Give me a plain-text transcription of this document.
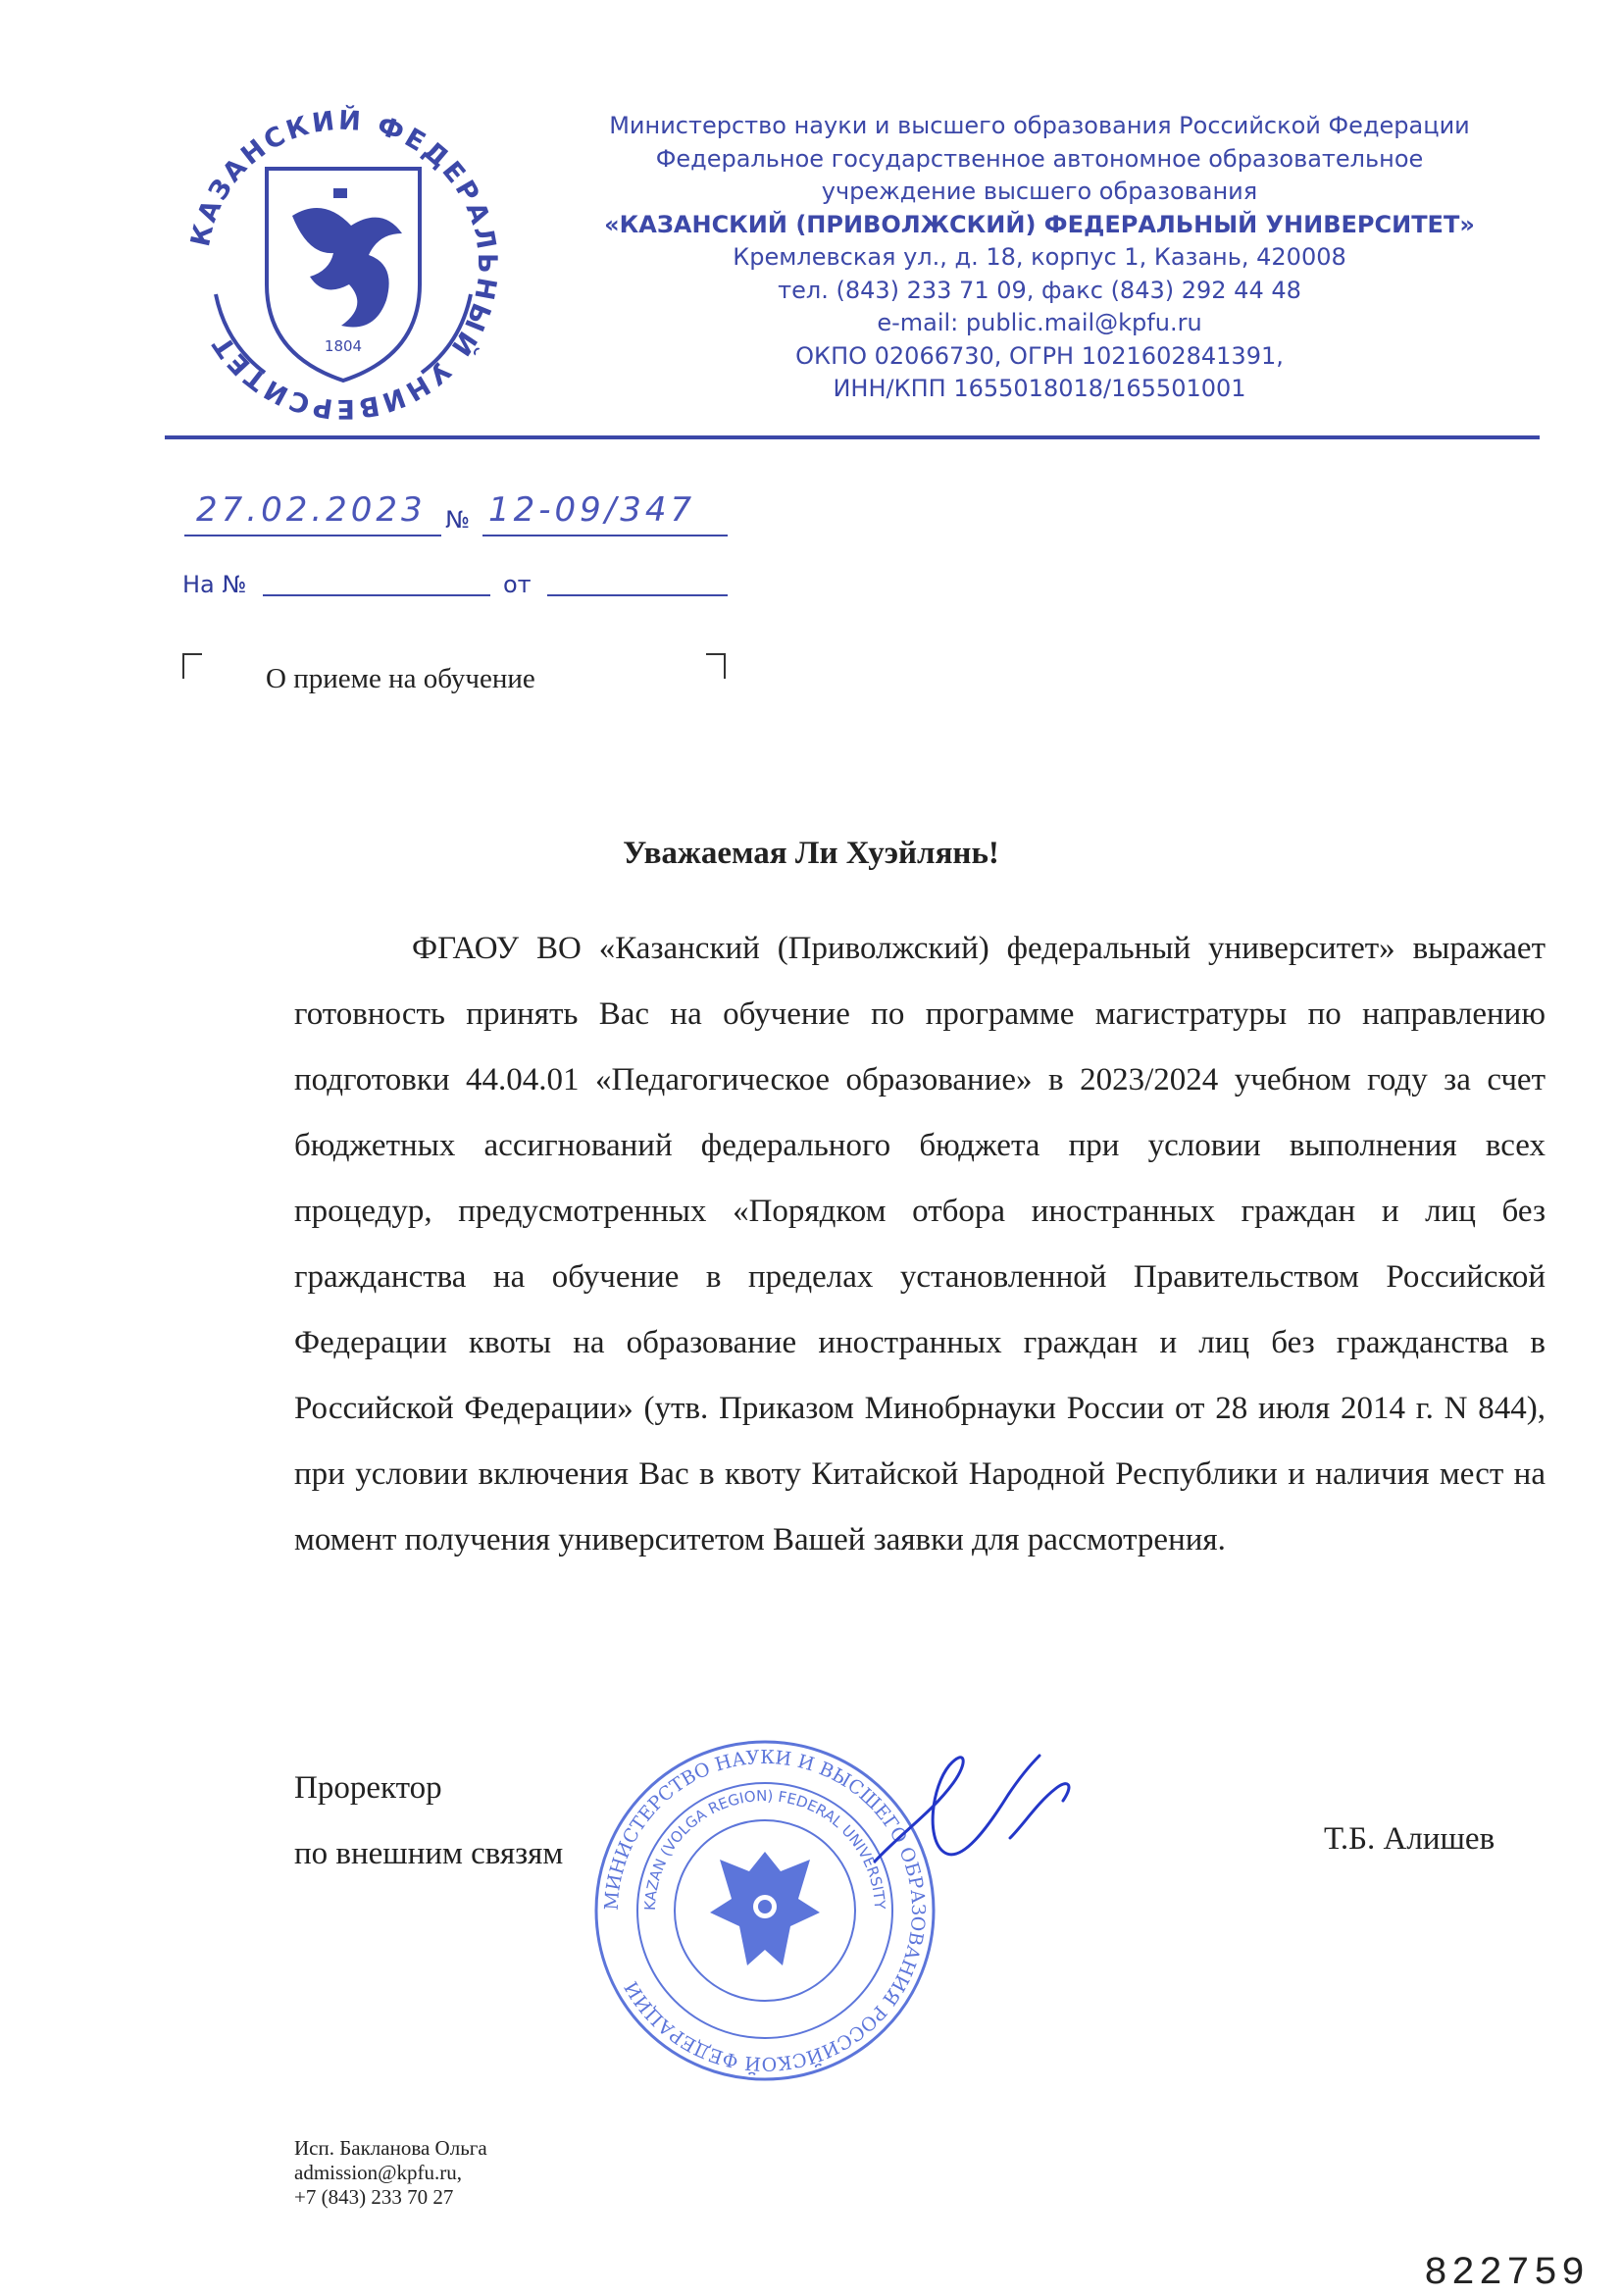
КАЗАНСКИЙ ФЕДЕРАЛЬНЫЙ УНИВЕРСИТЕТ	1804
Министерство науки и высшего образования Российской Федерации
Федеральное государственное автономное образовательное
учреждение высшего образования
«КАЗАНСКИЙ (ПРИВОЛЖСКИЙ) ФЕДЕРАЛЬНЫЙ УНИВЕРСИТЕТ»
Кремлевская ул., д. 18, корпус 1, Казань, 420008
тел. (843) 233 71 09, факс (843) 292 44 48
e-mail: public.mail@kpfu.ru
ОКПО 02066730, ОГРН 1021602841391,
ИНН/КПП 1655018018/165501001
27.02.2023 № 12-09/347
На №	от
О приеме на обучение
Уважаемая Ли Хуэйлянь!

ФГАОУ ВО «Казанский (Приволжский) федеральный университет» выражает готовность принять Вас на обучение по программе магистратуры по направлению подготовки 44.04.01 «Педагогическое образование» в 2023/2024 учебном году за счет бюджетных ассигнований федерального бюджета при условии выполнения всех процедур, предусмотренных «Порядком отбора иностранных граждан и лиц без гражданства на обучение в пределах установленной Правительством Российской Федерации квоты на образование иностранных граждан и лиц без гражданства в Российской Федерации» (утв. Приказом Минобрнауки России от 28 июля 2014 г. N 844), при условии включения Вас в квоту Китайской Народной Республики и наличия мест на момент получения университетом Вашей заявки для рассмотрения.

Проректор
по внешним связям	Т.Б. Алишев
МИНИСТЕРСТВО НАУКИ И ВЫСШЕГО ОБРАЗОВАНИЯ РОССИЙСКОЙ ФЕДЕРАЦИИ
KAZAN (VOLGA REGION) FEDERAL UNIVERSITY
Исп. Бакланова Ольга
admission@kpfu.ru,
+7 (843) 233 70 27
822759
